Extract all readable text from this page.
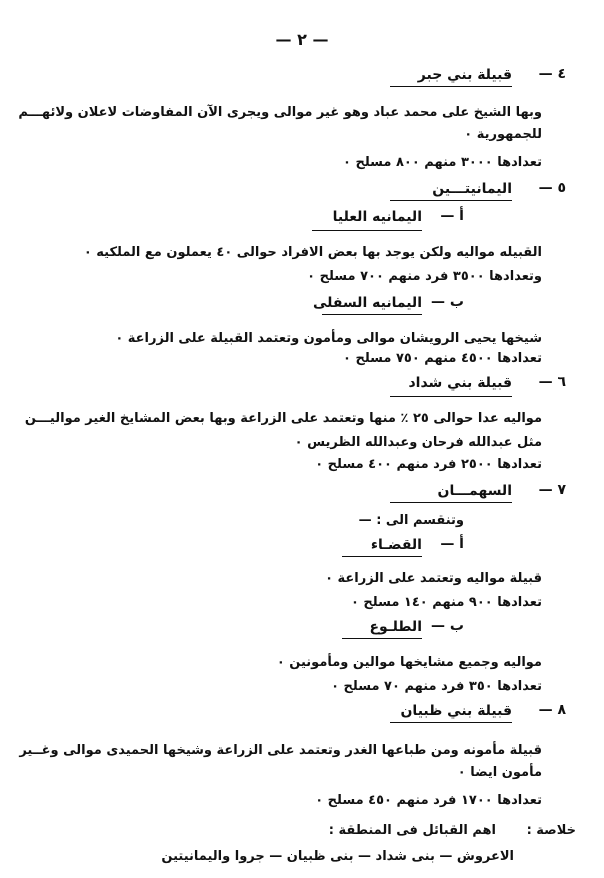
— ٢ —
٤ —
قبيلة بني جبر
وبها الشيخ على محمد عباد وهو غير موالى ويجرى الآن المفاوضات لاعلان ولائهـــم
للجمهورية ٠
تعدادها ٣٠٠٠ منهم ٨٠٠ مسلح ٠
٥ —
اليمانيتـــين
أ —
اليمانيه العليا
القبيله مواليه ولكن يوجد بها بعض الافراد حوالى ٤٠ يعملون مع الملكيه ٠
وتعدادها ٣٥٠٠ فرد منهم ٧٠٠ مسلح ٠
ب —
اليمانيه السفلى
شيخها يحيى الرويشان موالى ومأمون وتعتمد القبيلة على الزراعة ٠
تعدادها ٤٥٠٠ منهم ٧٥٠ مسلح ٠
٦ —
قبيلة بني شداد
مواليه عدا حوالى ٢٥ ٪ منها وتعتمد على الزراعة وبها بعض المشايخ الغير مواليـــن
مثل عبدالله فرحان وعبدالله الظريس ٠
تعدادها ٢٥٠٠ فرد منهم ٤٠٠ مسلح ٠
٧ —
السهمـــان
وتنقسم الى : —
أ —
القضـاء
قبيلة مواليه وتعتمد على الزراعة ٠
تعدادها ٩٠٠ منهم ١٤٠ مسلح ٠
ب —
الطلـوع
مواليه وجميع مشايخها موالين ومأمونين ٠
تعدادها ٣٥٠ فرد منهم ٧٠ مسلح ٠
٨ —
قبيلة بني ظبيان
قبيلة مأمونه ومن طباعها الغدر وتعتمد على الزراعة وشيخها الحميدى موالى وغــير
مأمون ايضا ٠
تعدادها ١٧٠٠ فرد منهم ٤٥٠ مسلح ٠
خلاصة :
اهم القبائل فى المنطقة :
الاعروش — بنى شداد — بنى ظبيان — جروا واليمانيتين
